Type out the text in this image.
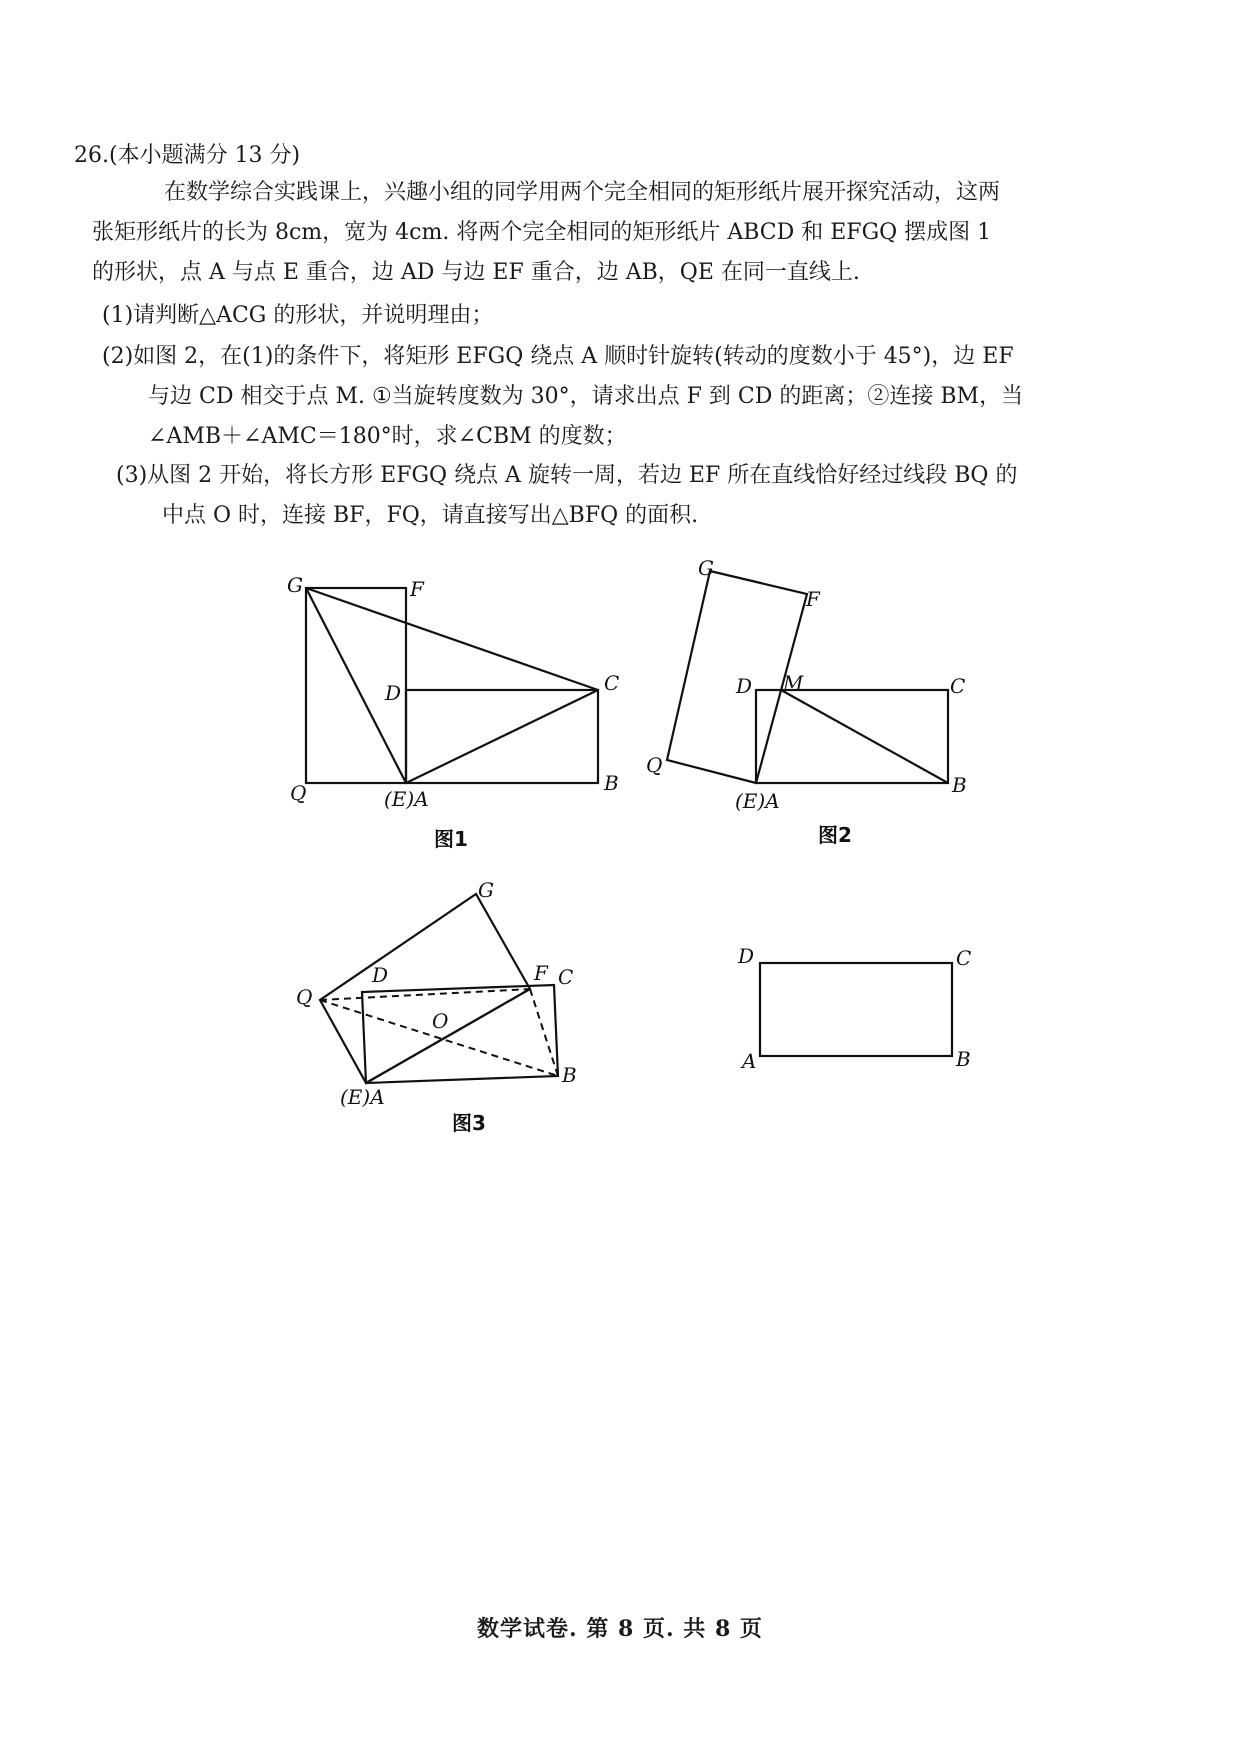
26.(本小题满分 13 分)
在数学综合实践课上，兴趣小组的同学用两个完全相同的矩形纸片展开探究活动，这两
张矩形纸片的长为 8cm，宽为 4cm. 将两个完全相同的矩形纸片 ABCD 和 EFGQ 摆成图 1
的形状，点 A 与点 E 重合，边 AD 与边 EF 重合，边 AB，QE 在同一直线上.
(1)请判断△ACG 的形状，并说明理由；
(2)如图 2，在(1)的条件下，将矩形 EFGQ 绕点 A 顺时针旋转(转动的度数小于 45°)，边 EF
与边 CD 相交于点 M. ①当旋转度数为 30°，请求出点 F 到 CD 的距离；②连接 BM，当
∠AMB＋∠AMC＝180°时，求∠CBM 的度数；
(3)从图 2 开始，将长方形 EFGQ 绕点 A 旋转一周，若边 EF 所在直线恰好经过线段 BQ 的
中点 O 时，连接 BF，FQ，请直接写出△BFQ 的面积.
G	F
D	C
Q	(E)A
B
图1
G
F
D M	C
Q
(E)A
B
图2
G
D	F C
Q
O
(E)A
B
图3
D	C
A	B
数学试卷. 第 8 页. 共 8 页
